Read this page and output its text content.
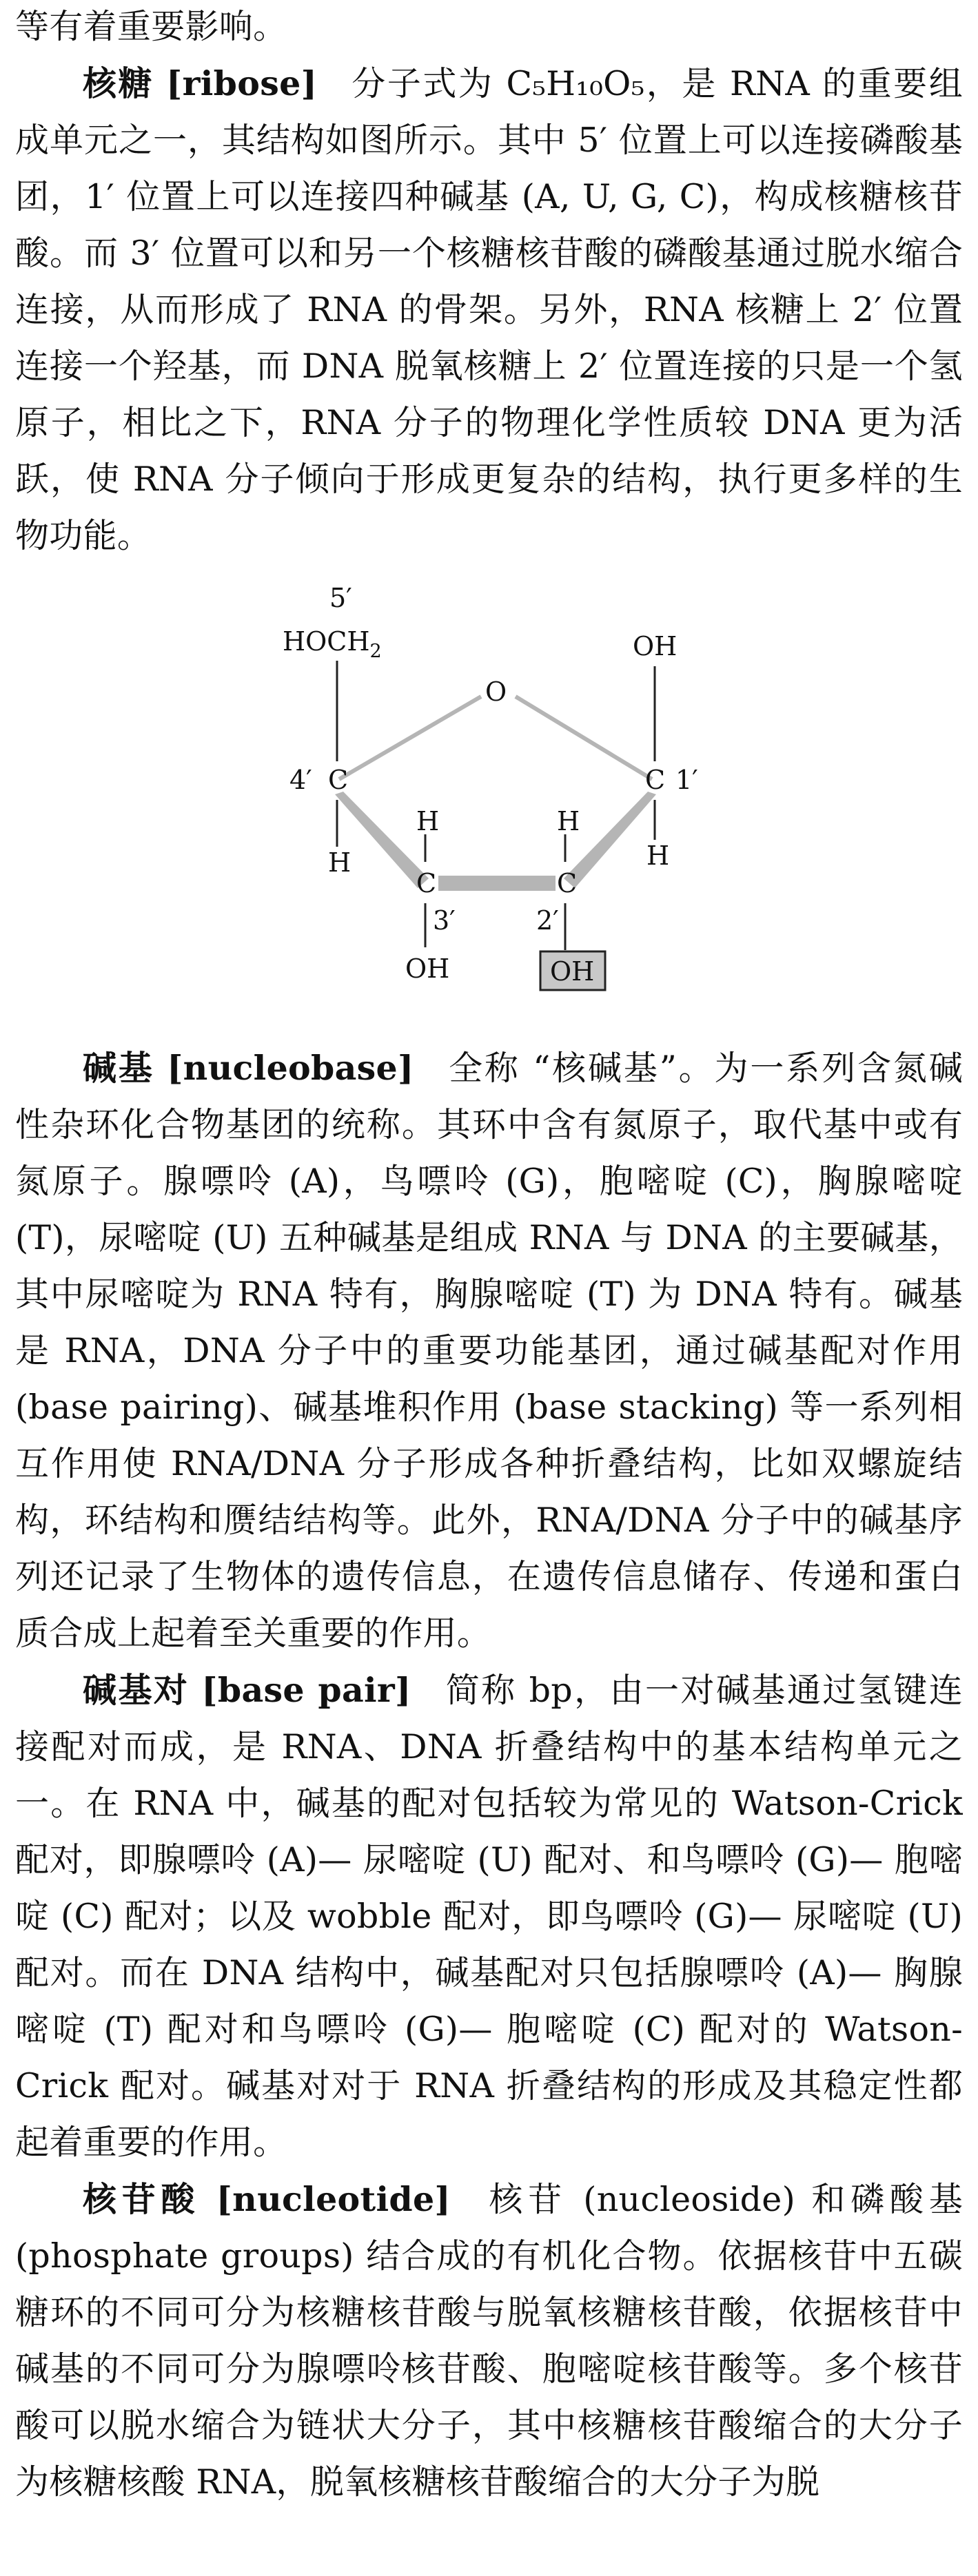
等有着重要影响。

核糖 [ribose] 分子式为 C₅H₁₀O₅，是 RNA 的重要组成单元之一，其结构如图所示。其中 5′ 位置上可以连接磷酸基团，1′ 位置上可以连接四种碱基 (A, U, G, C)，构成核糖核苷酸。而 3′ 位置可以和另一个核糖核苷酸的磷酸基通过脱水缩合连接，从而形成了 RNA 的骨架。另外，RNA 核糖上 2′ 位置连接一个羟基，而 DNA 脱氧核糖上 2′ 位置连接的只是一个氢原子，相比之下，RNA 分子的物理化学性质较 DNA 更为活跃，使 RNA 分子倾向于形成更复杂的结构，执行更多样的生物功能。

5′
$HOCH_2$
O
OH
4′ C	C 1′
H	H
H	H
C	C
3′	2′
OH	OH

碱基 [nucleobase] 全称 “核碱基”。为一系列含氮碱性杂环化合物基团的统称。其环中含有氮原子，取代基中或有氮原子。腺嘌呤 (A)，鸟嘌呤 (G)，胞嘧啶 (C)，胸腺嘧啶 (T)，尿嘧啶 (U) 五种碱基是组成 RNA 与 DNA 的主要碱基，其中尿嘧啶为 RNA 特有，胸腺嘧啶 (T) 为 DNA 特有。碱基是 RNA，DNA 分子中的重要功能基团，通过碱基配对作用 (base pairing)、碱基堆积作用 (base stacking) 等一系列相互作用使 RNA/DNA 分子形成各种折叠结构，比如双螺旋结构，环结构和赝结结构等。此外，RNA/DNA 分子中的碱基序列还记录了生物体的遗传信息，在遗传信息储存、传递和蛋白质合成上起着至关重要的作用。

碱基对 [base pair] 简称 bp，由一对碱基通过氢键连接配对而成，是 RNA、DNA 折叠结构中的基本结构单元之一。在 RNA 中，碱基的配对包括较为常见的 Watson-Crick 配对，即腺嘌呤 (A)— 尿嘧啶 (U) 配对、和鸟嘌呤 (G)— 胞嘧啶 (C) 配对；以及 wobble 配对，即鸟嘌呤 (G)— 尿嘧啶 (U) 配对。而在 DNA 结构中，碱基配对只包括腺嘌呤 (A)— 胸腺嘧啶 (T) 配对和鸟嘌呤 (G)— 胞嘧啶 (C) 配对的 Watson-Crick 配对。碱基对对于 RNA 折叠结构的形成及其稳定性都起着重要的作用。

核苷酸 [nucleotide] 核苷 (nucleoside) 和磷酸基 (phosphate groups) 结合成的有机化合物。依据核苷中五碳糖环的不同可分为核糖核苷酸与脱氧核糖核苷酸，依据核苷中碱基的不同可分为腺嘌呤核苷酸、胞嘧啶核苷酸等。多个核苷酸可以脱水缩合为链状大分子，其中核糖核苷酸缩合的大分子为核糖核酸 RNA，脱氧核糖核苷酸缩合的大分子为脱
